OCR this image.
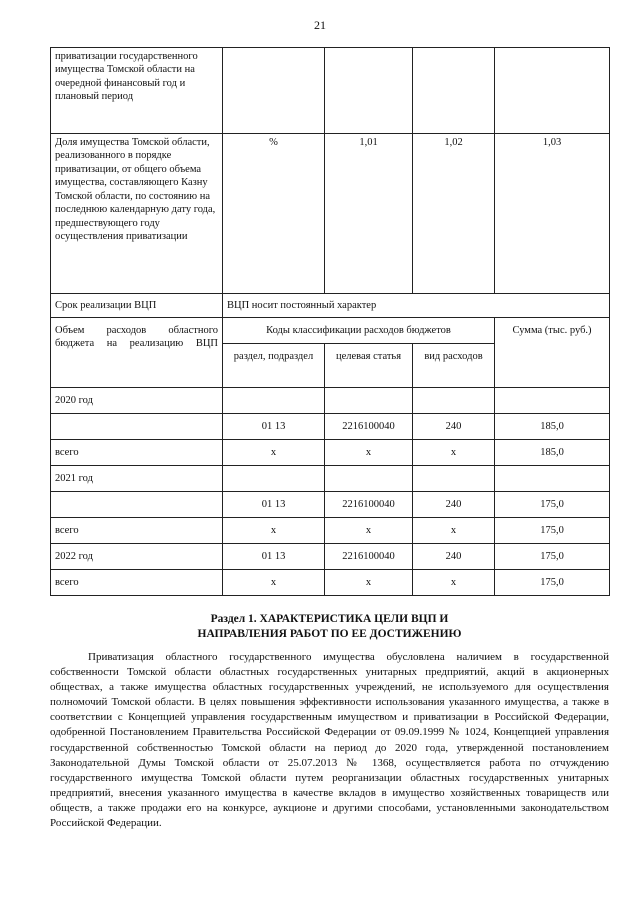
21
приватизации государственного имущества Томской области на очередной финансовый год и плановый период				
Доля имущества Томской области, реализованного в порядке приватизации, от общего объема имущества, составляющего Казну Томской области, по состоянию на последнюю календарную дату года, предшествующего году осуществления приватизации	%	1,01	1,02	1,03
Срок реализации ВЦП	ВЦП носит постоянный характер			

Объем расходов областного бюджета на реализацию ВЦП	Коды классификации расходов бюджетов			Сумма (тыс. руб.)
	раздел, подраздел	целевая статья	вид расходов	
2020 год				
	01 13	2216100040	240	185,0
всего	x	x	x	185,0
2021 год				
	01 13	2216100040	240	175,0
всего	x	x	x	175,0
2022 год	01 13	2216100040	240	175,0
всего	x	x	x	175,0
Раздел 1. ХАРАКТЕРИСТИКА ЦЕЛИ ВЦП И
НАПРАВЛЕНИЯ РАБОТ ПО ЕЕ ДОСТИЖЕНИЮ

Приватизация областного государственного имущества обусловлена наличием в государственной собственности Томской области областных государственных унитарных предприятий, акций в акционерных обществах, а также имущества областных государственных учреждений, не используемого для осуществления полномочий Томской области. В целях повышения эффективности использования указанного имущества, а также в соответствии с Концепцией управления государственным имуществом и приватизации в Российской Федерации, одобренной Постановлением Правительства Российской Федерации от 09.09.1999 № 1024, Концепцией управления государственной собственностью Томской области на период до 2020 года, утвержденной постановлением Законодательной Думы Томской области от 25.07.2013 № 1368, осуществляется работа по отчуждению государственного имущества Томской области путем реорганизации областных государственных унитарных предприятий, внесения указанного имущества в качестве вкладов в имущество хозяйственных товариществ или обществ, а также продажи его на конкурсе, аукционе и другими способами, установленными законодательством Российской Федерации.
